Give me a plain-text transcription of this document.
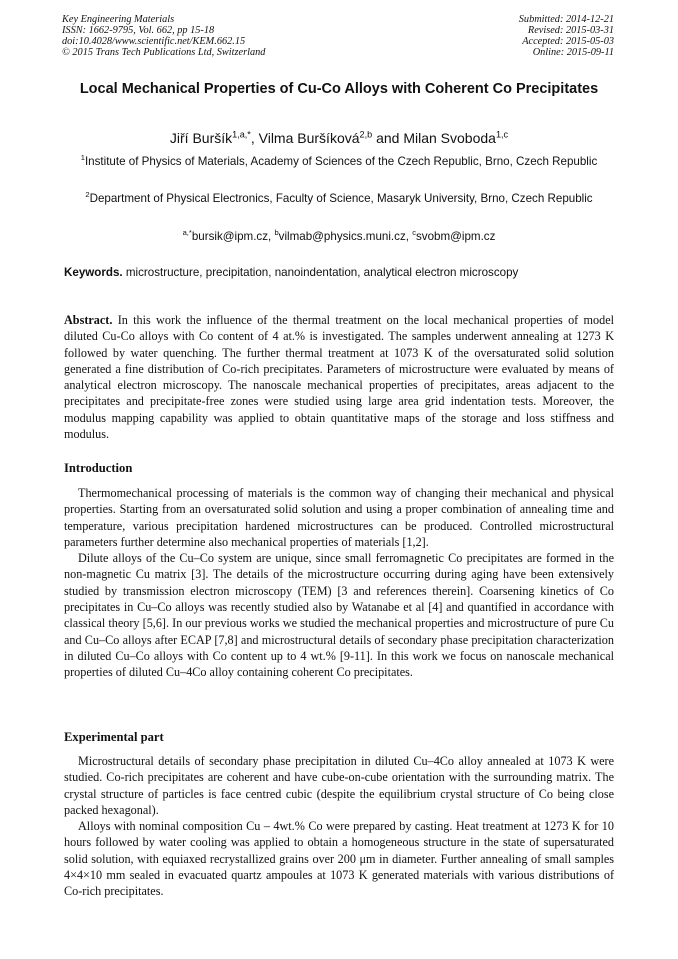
Key Engineering Materials
ISSN: 1662-9795, Vol. 662, pp 15-18
doi:10.4028/www.scientific.net/KEM.662.15
© 2015 Trans Tech Publications Ltd, Switzerland
Submitted: 2014-12-21
Revised: 2015-03-31
Accepted: 2015-05-03
Online: 2015-09-11
Local Mechanical Properties of Cu-Co Alloys with Coherent Co Precipitates
Jiří Buršík$^{1,a,*}$, Vilma Buršíková$^{2,b}$ and Milan Svoboda$^{1,c}$
$^1$Institute of Physics of Materials, Academy of Sciences of the Czech Republic, Brno, Czech Republic
$^2$Department of Physical Electronics, Faculty of Science, Masaryk University, Brno, Czech Republic
$^{a,*}$bursik@ipm.cz, $^b$vilmab@physics.muni.cz, $^c$svobm@ipm.cz
Keywords. microstructure, precipitation, nanoindentation, analytical electron microscopy
Abstract. In this work the influence of the thermal treatment on the local mechanical properties of model diluted Cu-Co alloys with Co content of 4 at.% is investigated. The samples underwent annealing at 1273 K followed by water quenching. The further thermal treatment at 1073 K of the oversaturated solid solution generated a fine distribution of Co-rich precipitates. Parameters of microstructure were evaluated by means of analytical electron microscopy. The nanoscale mechanical properties of precipitates, areas adjacent to the precipitates and precipitate-free zones were studied using large area grid indentation tests. Moreover, the modulus mapping capability was applied to obtain quantitative maps of the storage and loss stiffness and modulus.
Introduction

Thermomechanical processing of materials is the common way of changing their mechanical and physical properties. Starting from an oversaturated solid solution and using a proper combination of annealing time and temperature, various precipitation hardened microstructures can be produced. Controlled microstructural parameters further determine also mechanical properties of materials [1,2].

Dilute alloys of the Cu–Co system are unique, since small ferromagnetic Co precipitates are formed in the non-magnetic Cu matrix [3]. The details of the microstructure occurring during aging have been extensively studied by transmission electron microscopy (TEM) [3 and references therein]. Coarsening kinetics of Co precipitates in Cu–Co alloys was recently studied also by Watanabe et al [4] and quantified in accordance with classical theory [5,6]. In our previous works we studied the mechanical properties and microstructure of pure Cu and Cu–Co alloys after ECAP [7,8] and microstructural details of secondary phase precipitation characterization in diluted Cu–Co alloys with Co content up to 4 wt.% [9-11]. In this work we focus on nanoscale mechanical properties of diluted Cu–4Co alloy containing coherent Co precipitates.

Experimental part

Microstructural details of secondary phase precipitation in diluted Cu–4Co alloy annealed at 1073 K were studied. Co-rich precipitates are coherent and have cube-on-cube orientation with the surrounding matrix. The crystal structure of particles is face centred cubic (despite the equilibrium crystal structure of Co being close packed hexagonal).

Alloys with nominal composition Cu – 4wt.% Co were prepared by casting. Heat treatment at 1273 K for 10 hours followed by water cooling was applied to obtain a homogeneous structure in the state of supersaturated solid solution, with equiaxed recrystallized grains over 200 μm in diameter. Further annealing of small samples 4×4×10 mm sealed in evacuated quartz ampoules at 1073 K generated materials with various distributions of Co-rich precipitates.
